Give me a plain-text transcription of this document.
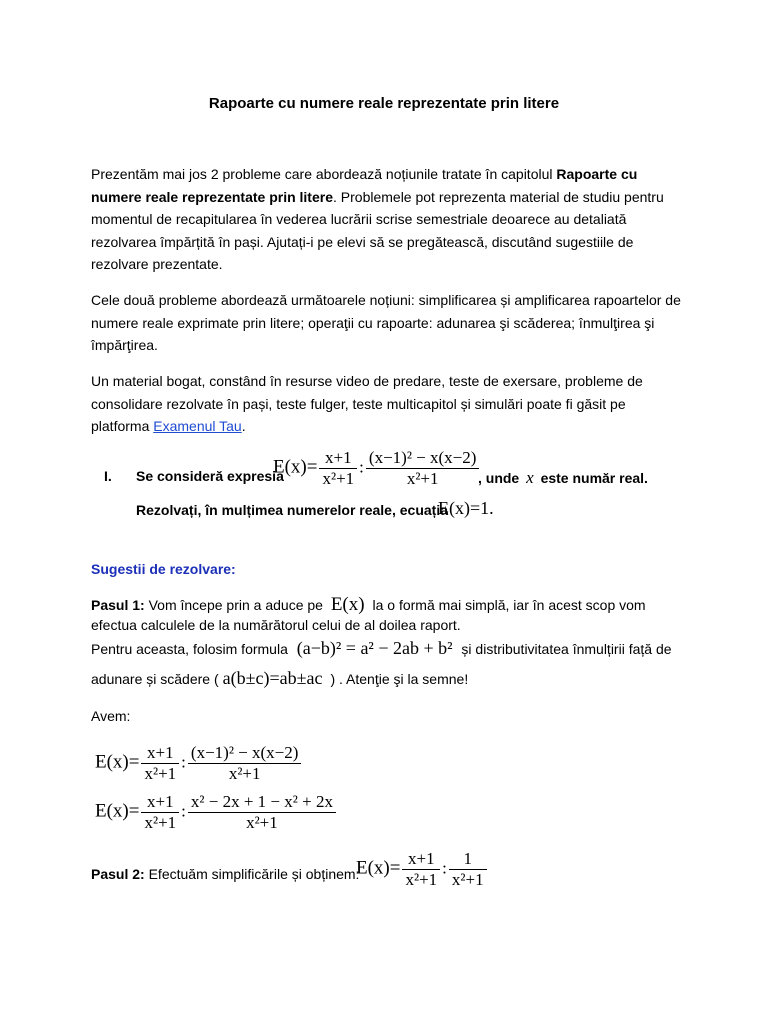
Rapoarte cu numere reale reprezentate prin litere
Prezentăm mai jos 2 probleme care abordează noțiunile tratate în capitolul Rapoarte cu numere reale reprezentate prin litere. Problemele pot reprezenta material de studiu pentru momentul de recapitularea în vederea lucrării scrise semestriale deoarece au detaliată rezolvarea împărțită în pași. Ajutați-i pe elevi să se pregătească, discutând sugestiile de rezolvare prezentate.
Cele două probleme abordează următoarele noțiuni: simplificarea și amplificarea rapoartelor de numere reale exprimate prin litere; operaţii cu rapoarte: adunarea şi scăderea; înmulţirea şi împărţirea.
Un material bogat, constând în resurse video de predare, teste de exersare, probleme de consolidare rezolvate în pași, teste fulger, teste multicapitol și simulări poate fi găsit pe platforma Examenul Tau.
I. Se consideră expresia
$E(x)= \frac{x+1}{\text{x²+1}}$ : $\frac{\text{(x−1)² − x(x−2)}}{\text{x²+1}}$
, unde x este număr real.
Rezolvați, în mulțimea numerelor reale, ecuația
E(x)=1.
Sugestii de rezolvare:
Pasul 1: Vom începe prin a aduce pe E(x) la o formă mai simplă, iar în acest scop vom efectua calculele de la numărătorul celui de al doilea raport.
Pentru aceasta, folosim formula (a−b)² = a² − 2ab + b² și distributivitatea înmulțirii față de
adunare și scădere ( a(b±c)=ab±ac ) . Atenţie şi la semne!
Avem:
$E(x)= \frac{x+1}{\text{x²+1}}$ : $\frac{\text{(x−1)² − x(x−2)}}{\text{x²+1}}$
$E(x)= \frac{x+1}{\text{x²+1}}$ : $\frac{\text{x² − 2x + 1 − x² + 2x}}{\text{x²+1}}$
Pasul 2: Efectuăm simplificările și obținem:
$E(x)= \frac{x+1}{\text{x²+1}}$ : $\frac{1}{\text{x²+1}}$
